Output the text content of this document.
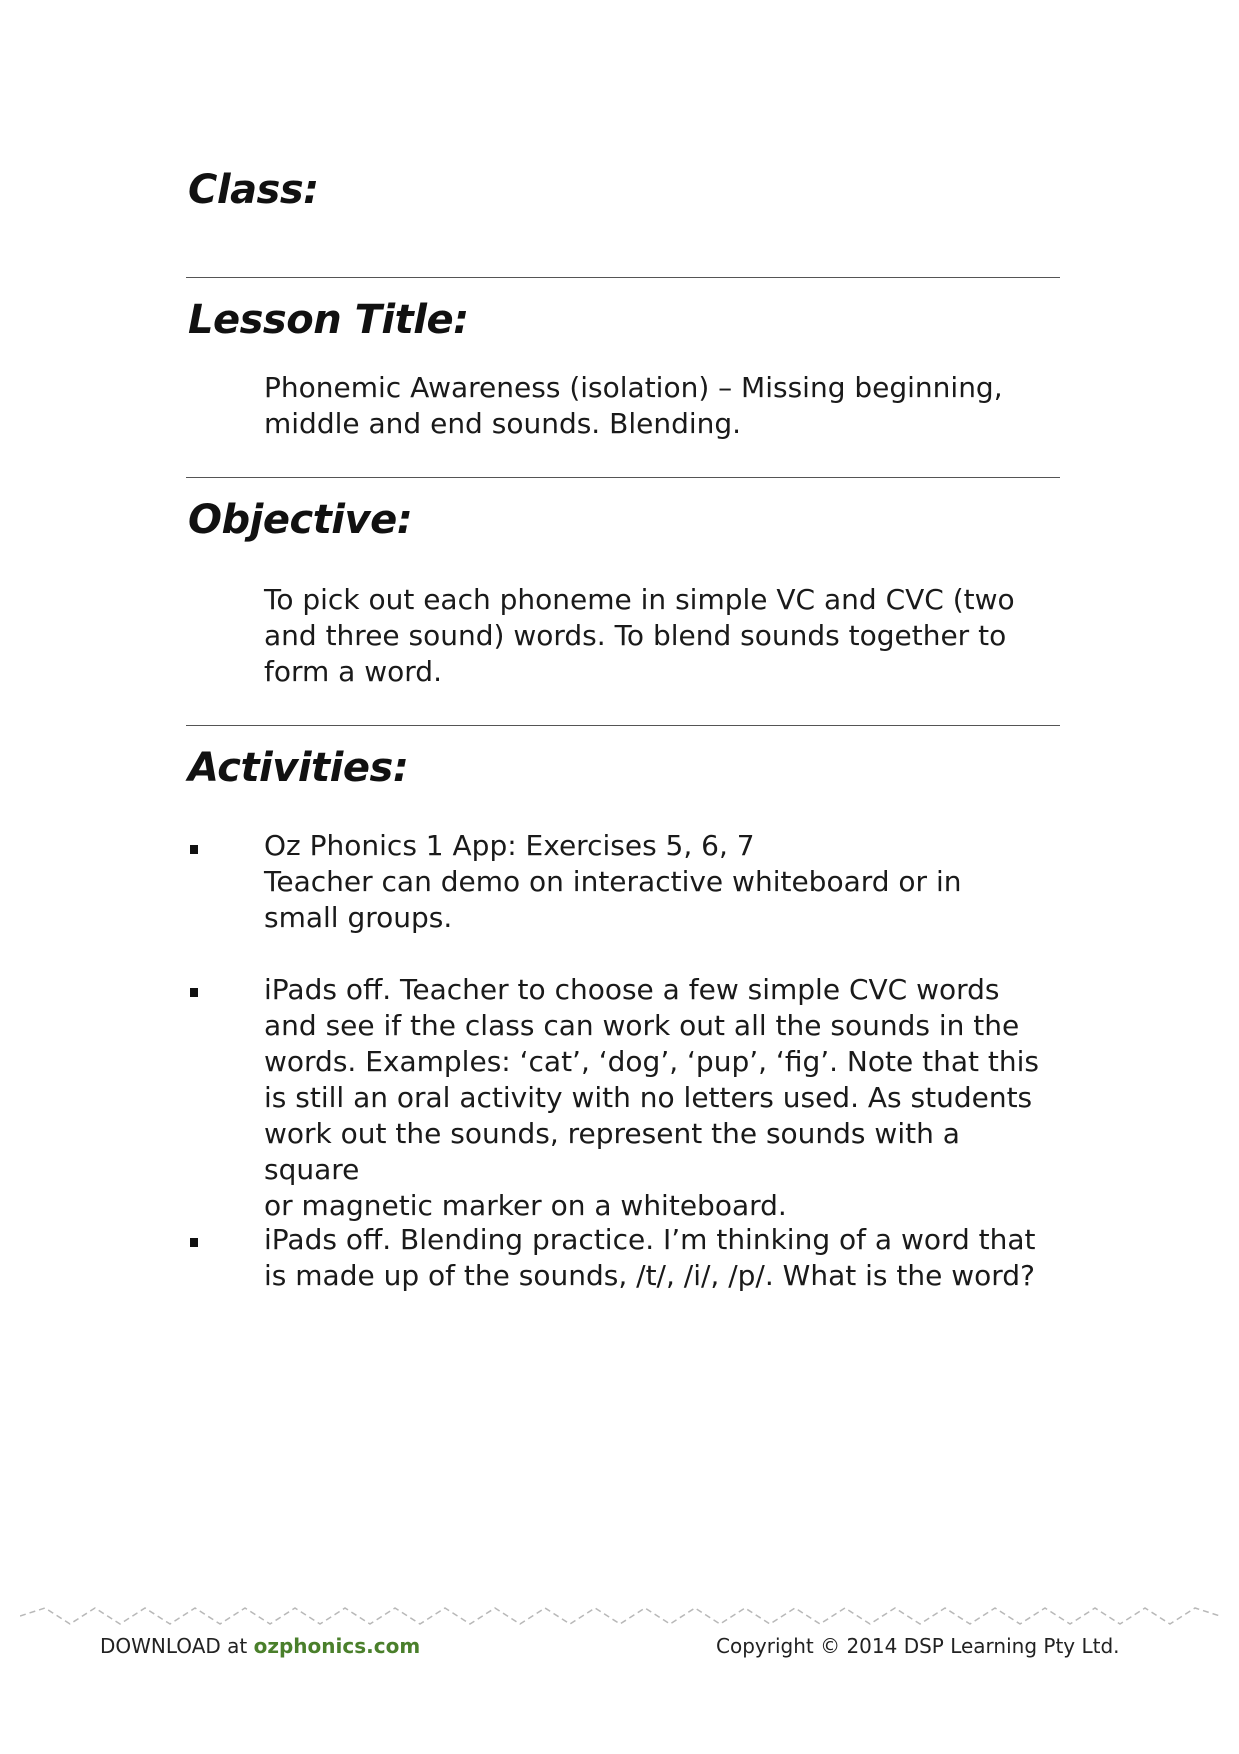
Class:
Lesson Title:

Phonemic Awareness (isolation) – Missing beginning,
middle and end sounds. Blending.

Objective:

To pick out each phoneme in simple VC and CVC (two
and three sound) words. To blend sounds together to
form a word.

Activities:

Oz Phonics 1 App: Exercises 5, 6, 7
Teacher can demo on interactive whiteboard or in
small groups.

iPads off. Teacher to choose a few simple CVC words
and see if the class can work out all the sounds in the
words. Examples: ‘cat’, ‘dog’, ‘pup’, ‘fig’. Note that this
is still an oral activity with no letters used. As students
work out the sounds, represent the sounds with a square
or magnetic marker on a whiteboard.

iPads off. Blending practice. I’m thinking of a word that
is made up of the sounds, /t/, /i/, /p/. What is the word?

DOWNLOAD at ozphonics.com	Copyright © 2014 DSP Learning Pty Ltd.
